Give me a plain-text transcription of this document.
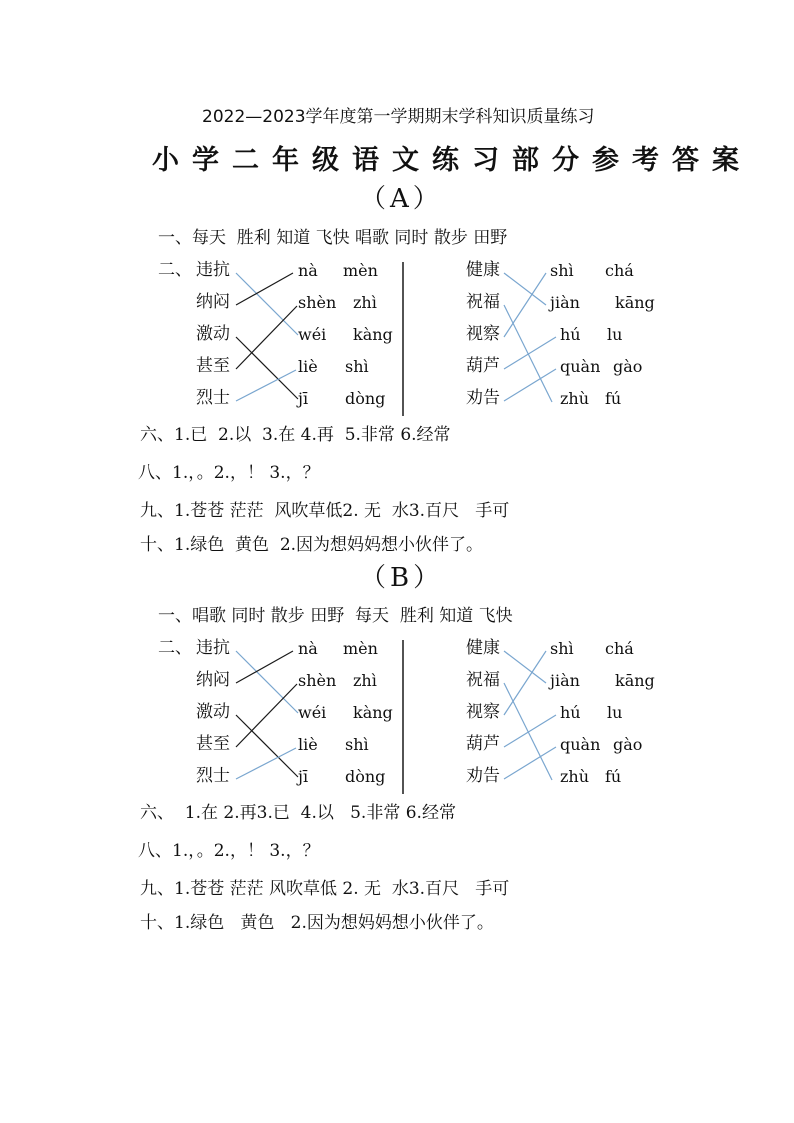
2022—2023学年度第一学期期末学科知识质量练习
小学二年级语文练习部分参考答案
（A）
一、每天  胜利 知道 飞快 唱歌 同时 散步 田野
二、 违抗
纳闷
激动
甚至
烈士
nà mèn
shèn zhì
wéi kàng
liè shì
jī dòng
健康
祝福
视察
葫芦
劝告
shì chá
jiàn kāng
hú lu
quàn gào
zhù fú
六、1.已  2.以  3.在 4.再  5.非常 6.经常
八、1.，。2.，！ 3.，？
九、1.苍苍 茫茫  风吹草低2. 无  水3.百尺   手可
十、1.绿色  黄色  2.因为想妈妈想小伙伴了。
（B）
一、唱歌 同时 散步 田野  每天  胜利 知道 飞快
二、 违抗
纳闷
激动
甚至
烈士
nà mèn
shèn zhì
wéi kàng
liè shì
jī dòng
健康
祝福
视察
葫芦
劝告
shì chá
jiàn kāng
hú lu
quàn gào
zhù fú
六、  1.在 2.再3.已  4.以   5.非常 6.经常
八、1.，。2.，！ 3.，？
九、1.苍苍 茫茫 风吹草低 2. 无  水3.百尺   手可
十、1.绿色   黄色   2.因为想妈妈想小伙伴了。
